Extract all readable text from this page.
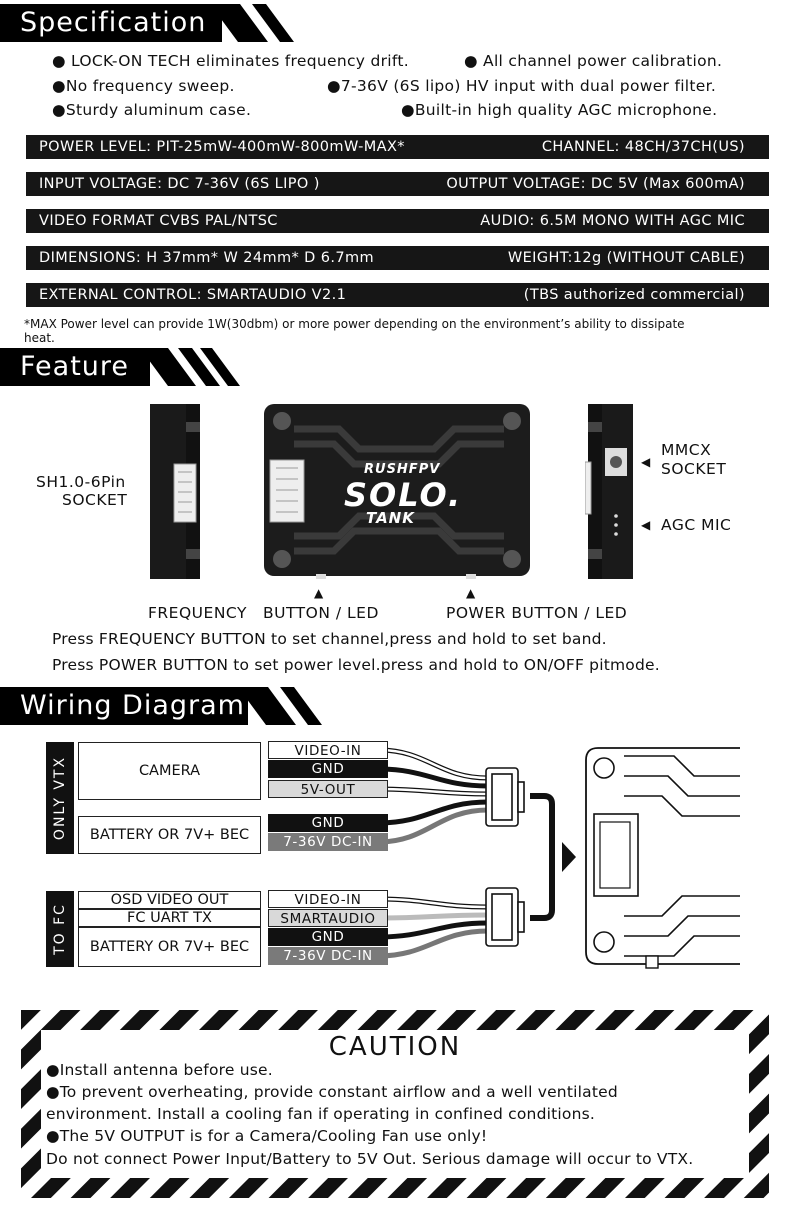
Specification
● LOCK-ON TECH eliminates frequency drift.	● All channel power calibration.
●No frequency sweep.	●7-36V (6S lipo) HV input with dual power filter.
●Sturdy aluminum case.	●Built-in high quality AGC microphone.
POWER LEVEL: PIT-25mW-400mW-800mW-MAX*	CHANNEL: 48CH/37CH(US)
INPUT VOLTAGE: DC 7-36V (6S LIPO )	OUTPUT VOLTAGE: DC 5V (Max 600mA)
VIDEO FORMAT CVBS PAL/NTSC	AUDIO: 6.5M MONO WITH AGC MIC
DIMENSIONS: H 37mm* W 24mm* D 6.7mm	WEIGHT:12g (WITHOUT CABLE)
EXTERNAL CONTROL: SMARTAUDIO V2.1	(TBS authorized commercial)
*MAX Power level can provide 1W(30dbm) or more power depending on the environment’s ability to dissipate
heat.
Feature
SH1.0-6Pin
SOCKET
RUSHFPV
SOLO.
TANK
◀
MMCX
SOCKET
◀ AGC MIC
▲	▲
FREQUENCY BUTTON / LED	POWER BUTTON / LED
Press FREQUENCY BUTTON to set channel,press and hold to set band.
Press POWER BUTTON to set power level.press and hold to ON/OFF pitmode.
Wiring Diagram
ONLY VTX
TO FC
CAMERA
BATTERY OR 7V+ BEC
OSD VIDEO OUT
FC UART TX
BATTERY OR 7V+ BEC
VIDEO-IN
GND
5V-OUT
GND
7-36V DC-IN
VIDEO-IN
SMARTAUDIO
GND
7-36V DC-IN
CAUTION
●Install antenna before use.
●To prevent overheating, provide constant airflow and a well ventilated
environment. Install a cooling fan if operating in confined conditions.
●The 5V OUTPUT is for a Camera/Cooling Fan use only!
Do not connect Power Input/Battery to 5V Out. Serious damage will occur to VTX.
